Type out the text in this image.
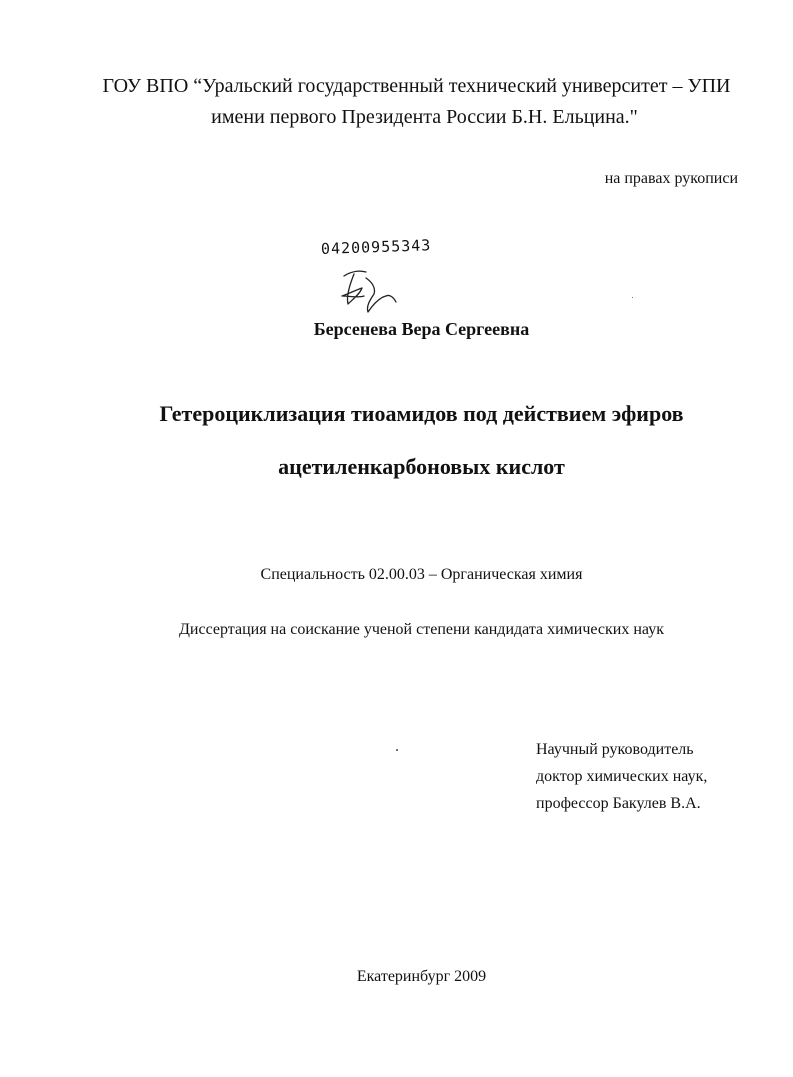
ГОУ ВПО “Уральский государственный технический университет – УПИ
имени первого Президента России Б.Н. Ельцина."
на правах рукописи
04200955343
Берсенева Вера Сергеевна
Гетероциклизация тиоамидов под действием эфиров
ацетиленкарбоновых кислот
Специальность 02.00.03 – Органическая химия
Диссертация на соискание ученой степени кандидата химических наук
Научный руководитель
доктор химических наук,
профессор Бакулев В.А.
Екатеринбург 2009
